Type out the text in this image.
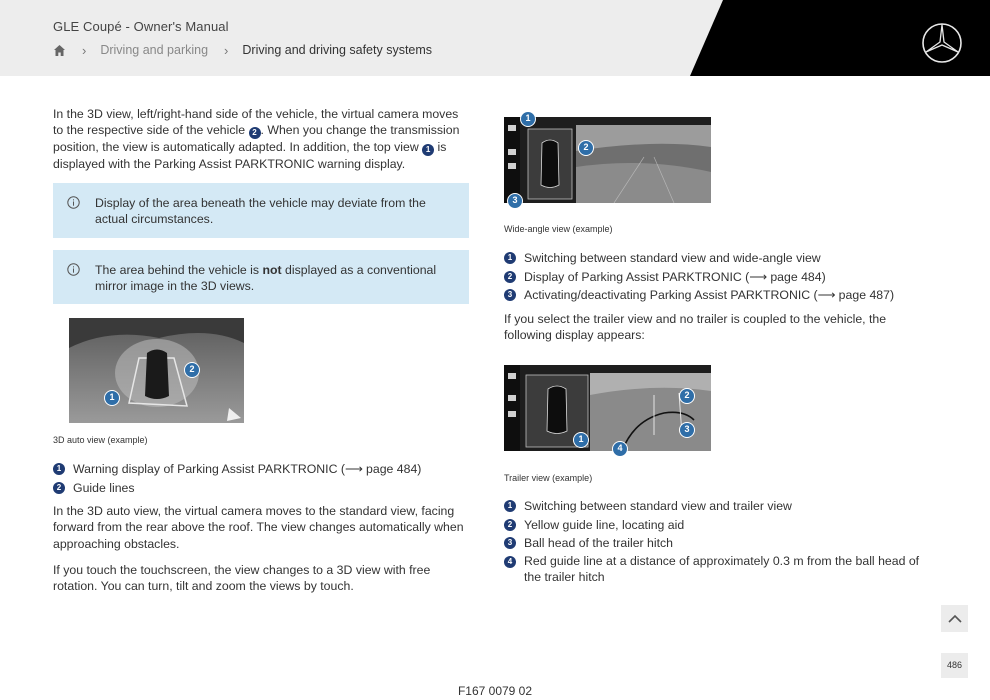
GLE Coupé - Owner's Manual
› Driving and parking › Driving and driving safety systems

In the 3D view, left/right-hand side of the vehicle, the virtual camera moves to the respective side of the vehicle 2 . When you change the transmission position, the view is automatically adapted. In addition, the top view 1 is displayed with the Parking Assist PARKTRONIC warning display.

Display of the area beneath the vehicle may deviate from the actual circumstances.
The area behind the vehicle is not displayed as a conventional mirror image in the 3D views.
1
2
3D auto view (example)
1 Warning display of Parking Assist PARKTRONIC (⟶ page 484)
2 Guide lines

In the 3D auto view, the virtual camera moves to the standard view, facing forward from the rear above the roof. The view changes automatically when approaching obstacles.

If you touch the touchscreen, the view changes to a 3D view with free rotation. You can turn, tilt and zoom the views by touch.

1
2
3
Wide-angle view (example)
1 Switching between standard view and wide-angle view
2 Display of Parking Assist PARKTRONIC (⟶ page 484)
3 Activating/deactivating Parking Assist PARKTRONIC (⟶ page 487)

If you select the trailer view and no trailer is coupled to the vehicle, the following display appears:

1
2
3
4
Trailer view (example)
1 Switching between standard view and trailer view
2 Yellow guide line, locating aid
3 Ball head of the trailer hitch
4 Red guide line at a distance of approximately 0.3 m from the ball head of the trailer hitch
486
F167 0079 02
